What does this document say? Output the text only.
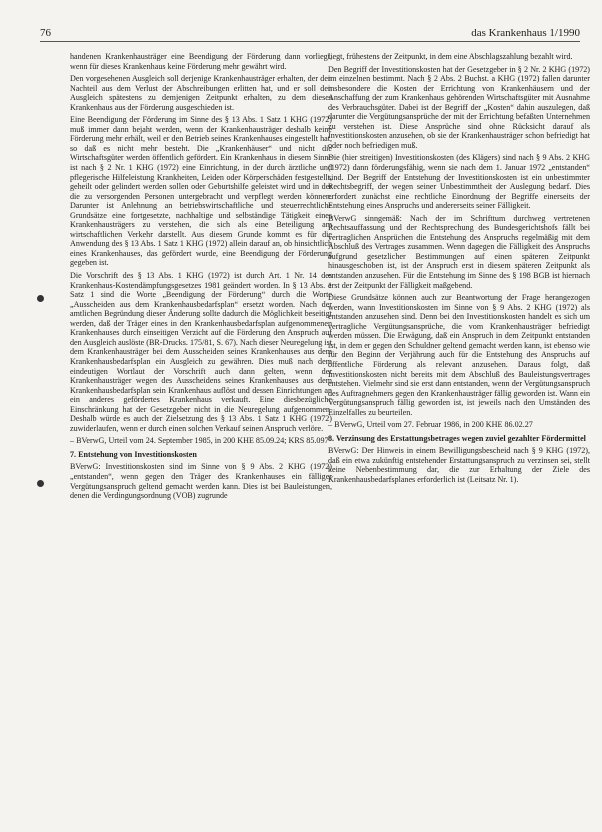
76	das Krankenhaus 1/1990

handenen Krankenhausträger eine Beendigung der Förderung dann vorliegt, wenn für dieses Krankenhaus keine Förderung mehr gewährt wird.

Den vorgesehenen Ausgleich soll derjenige Krankenhausträger erhalten, der den Nachteil aus dem Verlust der Abschreibungen erlitten hat, und er soll den Ausgleich spätestens zu demjenigen Zeitpunkt erhalten, zu dem dieses Krankenhaus aus der Förderung ausgeschieden ist.

Eine Beendigung der Förderung im Sinne des § 13 Abs. 1 Satz 1 KHG (1972) muß immer dann bejaht werden, wenn der Krankenhausträger deshalb keine Förderung mehr erhält, weil er den Betrieb seines Krankenhauses eingestellt hat, so daß es nicht mehr besteht. Die „Krankenhäuser“ und nicht die Wirtschaftsgüter werden öffentlich gefördert. Ein Krankenhaus in diesem Sinne ist nach § 2 Nr. 1 KHG (1972) eine Einrichtung, in der durch ärztliche und pflegerische Hilfeleistung Krankheiten, Leiden oder Körperschäden festgestellt, geheilt oder gelindert werden sollen oder Geburtshilfe geleistet wird und in der die zu versorgenden Personen untergebracht und verpflegt werden können. Darunter ist Anlehnung an betriebswirtschaftliche und steuerrechtliche Grundsätze eine fortgesetzte, nachhaltige und selbständige Tätigkeit eines Krankenhausträgers zu verstehen, die sich als eine Beteiligung am wirtschaftlichen Verkehr darstellt. Aus diesem Grunde kommt es für die Anwendung des § 13 Abs. 1 Satz 1 KHG (1972) allein darauf an, ob hinsichtlich eines Krankenhauses, das gefördert wurde, eine Beendigung der Förderung gegeben ist.

Die Vorschrift des § 13 Abs. 1 KHG (1972) ist durch Art. 1 Nr. 14 des Krankenhaus-Kostendämpfungsgesetzes 1981 geändert worden. In § 13 Abs. 1 Satz 1 sind die Worte „Beendigung der Förderung“ durch die Worte „Ausscheiden aus dem Krankenhausbedarfsplan“ ersetzt worden. Nach der amtlichen Begründung dieser Änderung sollte dadurch die Möglichkeit beseitigt werden, daß der Träger eines in den Krankenhausbedarfsplan aufgenommenen Krankenhauses durch einseitigen Verzicht auf die Förderung den Anspruch auf den Ausgleich auslöste (BR-Drucks. 175/81, S. 67). Nach dieser Neuregelung ist dem Krankenhausträger bei dem Ausscheiden seines Krankenhauses aus dem Krankenhausbedarfsplan ein Ausgleich zu gewähren. Dies muß nach dem eindeutigen Wortlaut der Vorschrift auch dann gelten, wenn der Krankenhausträger wegen des Ausscheidens seines Krankenhauses aus dem Krankenhausbedarfsplan sein Krankenhaus auflöst und dessen Einrichtungen an ein anderes gefördertes Krankenhaus verkauft. Eine diesbezügliche Einschränkung hat der Gesetzgeber nicht in die Neuregelung aufgenommen. Deshalb würde es auch der Zielsetzung des § 13 Abs. 1 Satz 1 KHG (1972) zuwiderlaufen, wenn er durch einen solchen Verkauf seinen Anspruch verlöre.

– BVerwG, Urteil vom 24. September 1985, in 200 KHE 85.09.24; KRS 85.097

7. Entstehung von Investitionskosten

BVerwG: Investitionskosten sind im Sinne von § 9 Abs. 2 KHG (1972) „entstanden“, wenn gegen den Träger des Krankenhauses ein fälliger Vergütungsanspruch geltend gemacht werden kann. Dies ist bei Bauleistungen, denen die Verdingungsordnung (VOB) zugrunde

liegt, frühestens der Zeitpunkt, in dem eine Abschlagszahlung bezahlt wird.

Den Begriff der Investitionskosten hat der Gesetzgeber in § 2 Nr. 2 KHG (1972) im einzelnen bestimmt. Nach § 2 Abs. 2 Buchst. a KHG (1972) fallen darunter insbesondere die Kosten der Errichtung von Krankenhäusern und der Anschaffung der zum Krankenhaus gehörenden Wirtschaftsgüter mit Ausnahme des Verbrauchsgüter. Dabei ist der Begriff der „Kosten“ dahin auszulegen, daß darunter die Vergütungsansprüche der mit der Errichtung befaßten Unternehmen zu verstehen ist. Diese Ansprüche sind ohne Rücksicht darauf als Investitionskosten anzusehen, ob sie der Krankenhausträger schon befriedigt hat oder noch befriedigen muß.

Die (hier streitigen) Investitionskosten (des Klägers) sind nach § 9 Abs. 2 KHG (1972) dann förderungsfähig, wenn sie nach dem 1. Januar 1972 „entstanden“ sind. Der Begriff der Entstehung der Investitionskosten ist ein unbestimmter Rechtsbegriff, der wegen seiner Unbestimmtheit der Auslegung bedarf. Dies erfordert zunächst eine rechtliche Einordnung der Begriffe einerseits der Entstehung eines Anspruchs und andererseits seiner Fälligkeit.

BVerwG sinngemäß: Nach der im Schrifttum durchweg vertretenen Rechtsauffassung und der Rechtsprechung des Bundesgerichtshofs fällt bei vertraglichen Ansprüchen die Entstehung des Anspruchs regelmäßig mit dem Abschluß des Vertrages zusammen. Wenn dagegen die Fälligkeit des Anspruchs aufgrund gesetzlicher Bestimmungen auf einen späteren Zeitpunkt hinausgeschoben ist, ist der Anspruch erst in diesem späteren Zeitpunkt als entstanden anzusehen. Für die Entstehung im Sinne des § 198 BGB ist hiernach erst der Zeitpunkt der Fälligkeit maßgebend.

Diese Grundsätze können auch zur Beantwortung der Frage herangezogen werden, wann Investitionskosten im Sinne von § 9 Abs. 2 KHG (1972) als entstanden anzusehen sind. Denn bei den Investitionskosten handelt es sich um vertragliche Vergütungsansprüche, die vom Krankenhausträger befriedigt werden müssen. Die Erwägung, daß ein Anspruch in dem Zeitpunkt entstanden ist, in dem er gegen den Schuldner geltend gemacht werden kann, ist ebenso wie für den Beginn der Verjährung auch für die Entstehung des Anspruchs auf öffentliche Förderung als relevant anzusehen. Daraus folgt, daß Investitionskosten nicht bereits mit dem Abschluß des Bauleistungsvertrages entstehen. Vielmehr sind sie erst dann entstanden, wenn der Vergütungsanspruch des Auftragnehmers gegen den Krankenhausträger fällig geworden ist. Wann ein Vergütungsanspruch fällig geworden ist, ist jeweils nach den Umständen des Einzelfalles zu beurteilen.

– BVerwG, Urteil vom 27. Februar 1986, in 200 KHE 86.02.27

8. Verzinsung des Erstattungsbetrages wegen zuviel gezahlter Fördermittel

BVerwG: Der Hinweis in einem Bewilligungsbescheid nach § 9 KHG (1972), daß ein etwa zukünftig entstehender Erstattungsanspruch zu verzinsen sei, stellt keine Nebenbestimmung dar, die zur Erhaltung der Ziele des Krankenhausbedarfsplanes erforderlich ist (Leitsatz Nr. 1).
